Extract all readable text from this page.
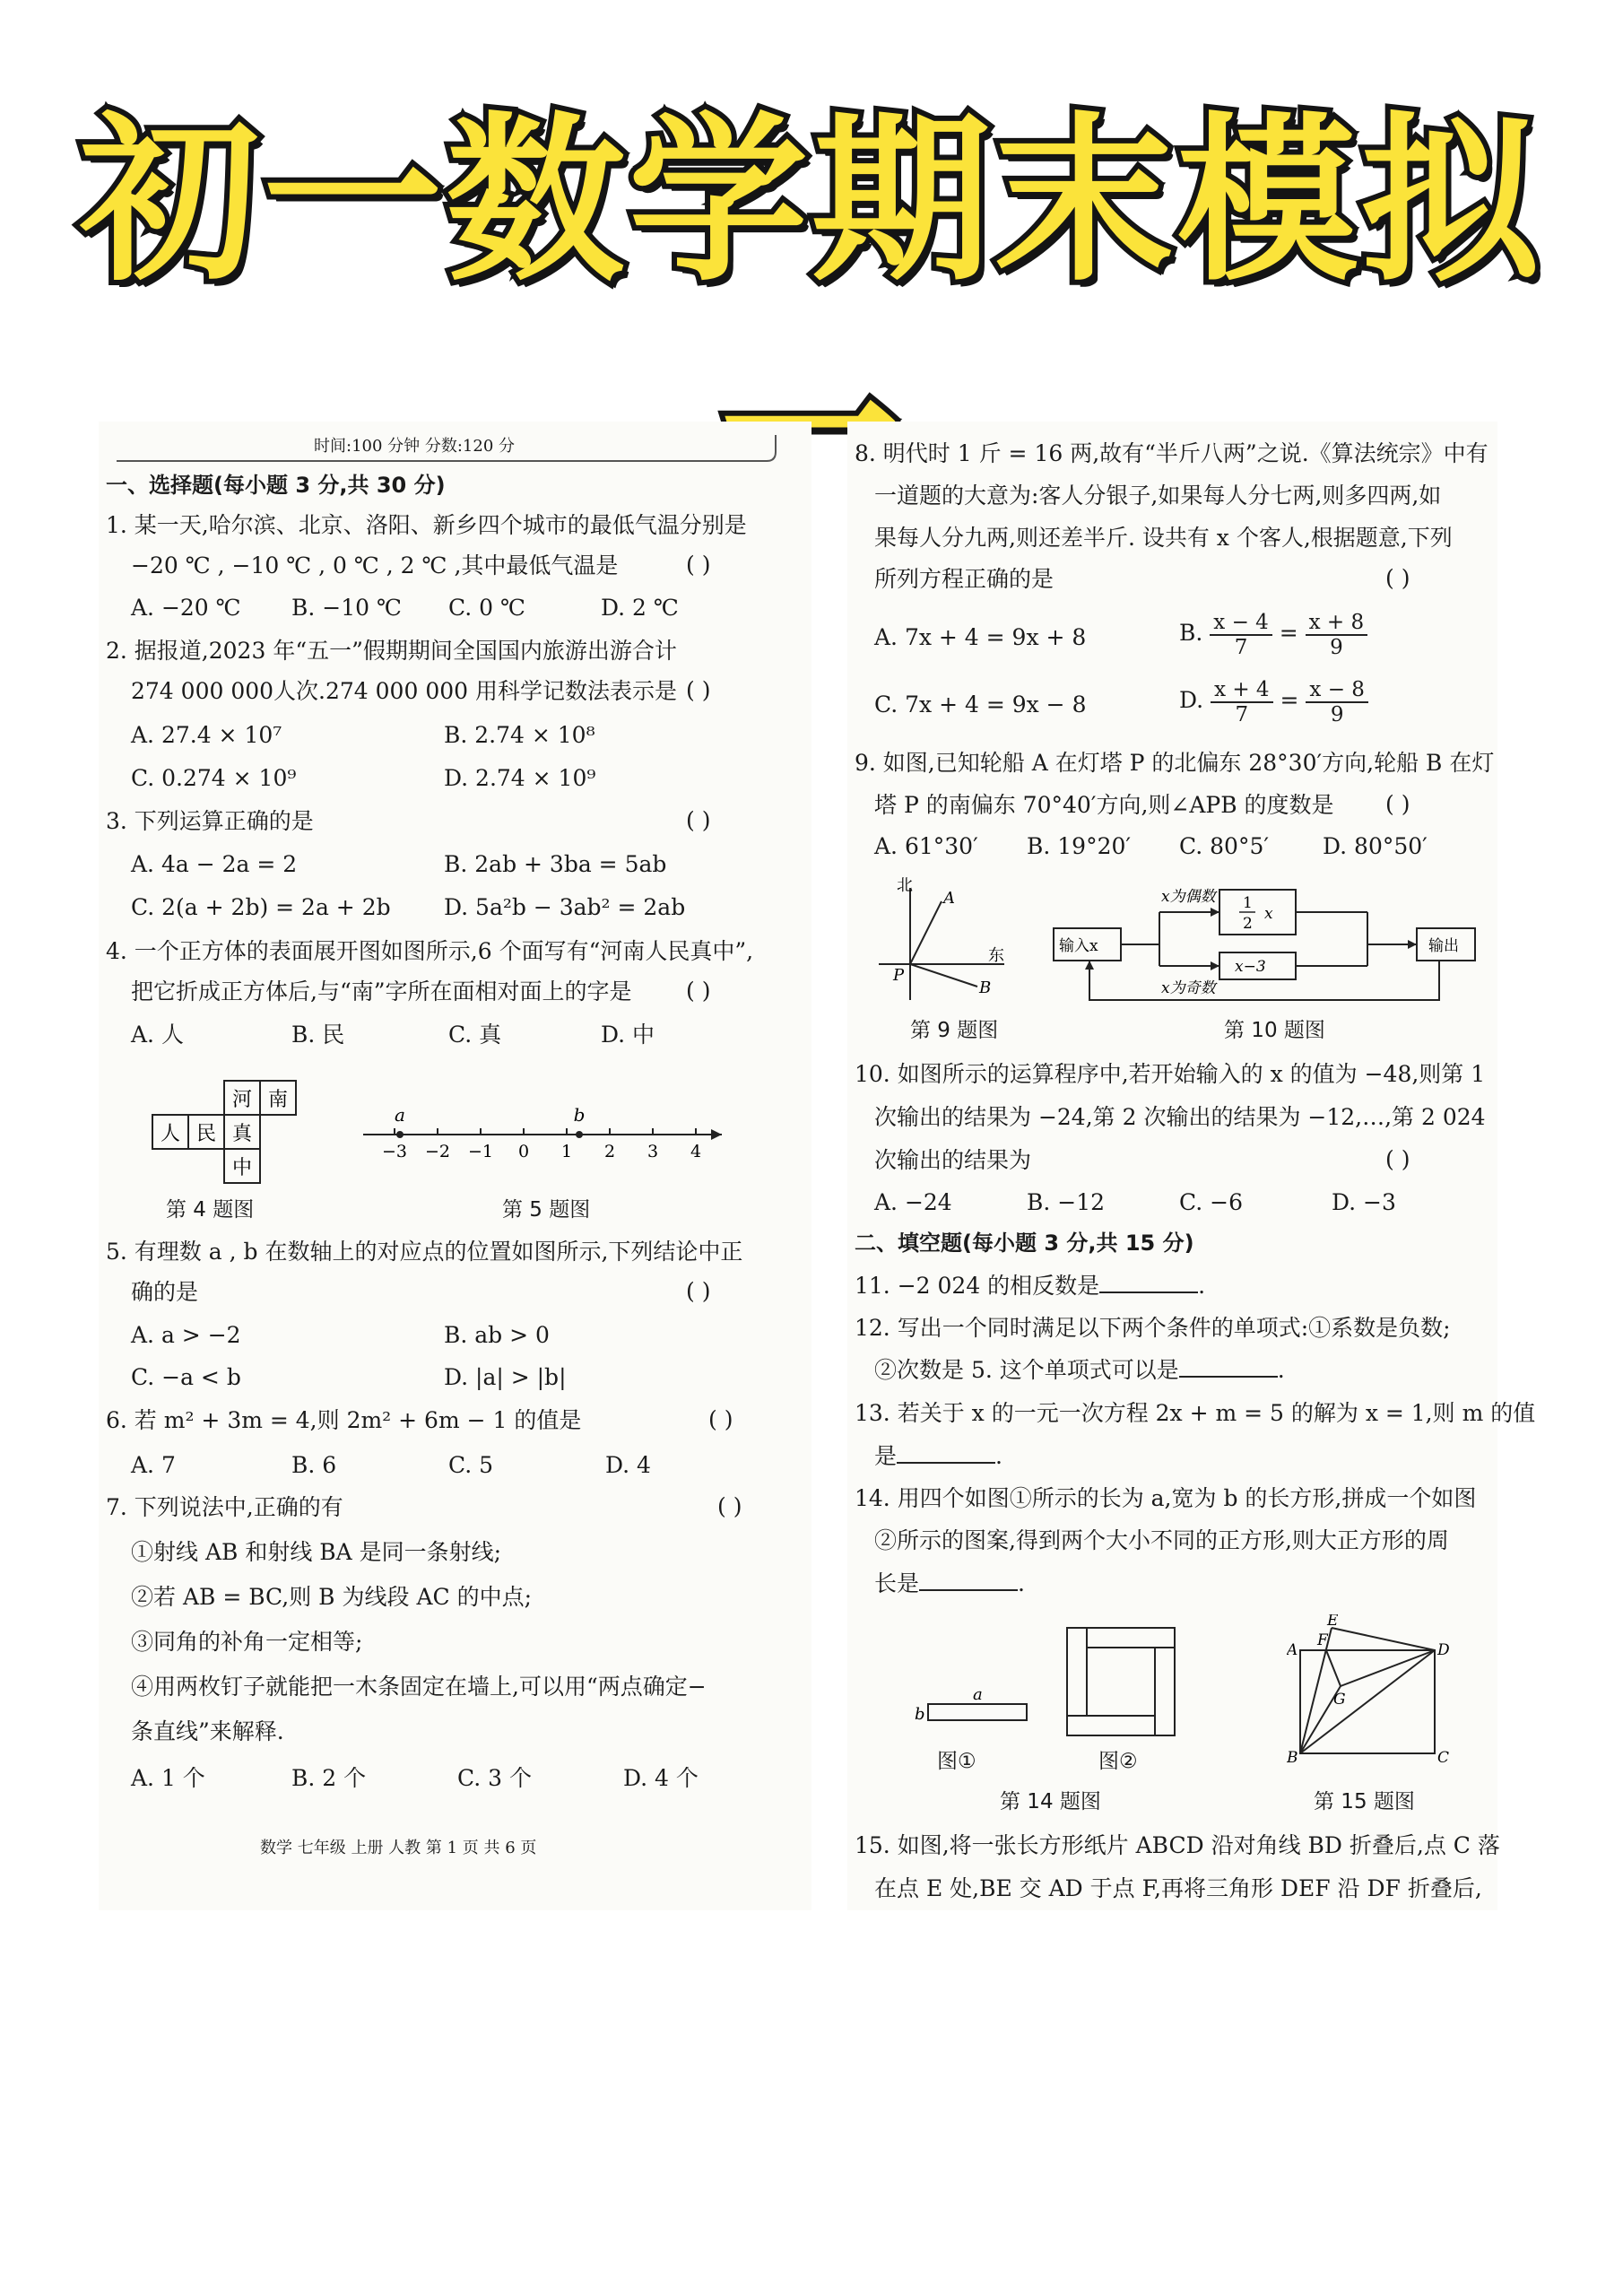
初一数学期末模拟
时间:100 分钟 分数:120 分
一、选择题(每小题 3 分,共 30 分)
1. 某一天,哈尔滨、北京、洛阳、新乡四个城市的最低气温分别是
−20 ℃ , −10 ℃ , 0 ℃ , 2 ℃ ,其中最低气温是	( )
A. −20 ℃ B. −10 ℃ C. 0 ℃	D. 2 ℃
2. 据报道,2023 年“五一”假期期间全国国内旅游出游合计
274 000 000人次.274 000 000 用科学记数法表示是 ( )
A. 27.4 × 10⁷	B. 2.74 × 10⁸
C. 0.274 × 10⁹	D. 2.74 × 10⁹
3. 下列运算正确的是	( )
A. 4a − 2a = 2	B. 2ab + 3ba = 5ab
C. 2(a + 2b) = 2a + 2b D. 5a²b − 3ab² = 2ab
4. 一个正方体的表面展开图如图所示,6 个面写有“河南人民真中”,
把它折成正方体后,与“南”字所在面相对面上的字是 ( )
A. 人	B. 民	C. 真	D. 中
河 南
人 民 真
中
第 4 题图
−3 −2 −1 0 1 2 3 4
a	b
第 5 题图
5. 有理数 a , b 在数轴上的对应点的位置如图所示,下列结论中正
确的是	( )
A. a > −2	B. ab > 0
C. −a < b	D. |a| > |b|
6. 若 m² + 3m = 4,则 2m² + 6m − 1 的值是	( )
A. 7	B. 6	C. 5	D. 4
7. 下列说法中,正确的有	( )
①射线 AB 和射线 BA 是同一条射线;
②若 AB = BC,则 B 为线段 AC 的中点;
③同角的补角一定相等;
④用两枚钉子就能把一木条固定在墙上,可以用“两点确定−
条直线”来解释.
A. 1 个	B. 2 个	C. 3 个	D. 4 个
数学 七年级 上册 人教 第 1 页 共 6 页
8. 明代时 1 斤 = 16 两,故有“半斤八两”之说.《算法统宗》中有
一道题的大意为:客人分银子,如果每人分七两,则多四两,如
果每人分九两,则还差半斤. 设共有 x 个客人,根据题意,下列
所列方程正确的是	( )
A. 7x + 4 = 9x + 8	B. $\frac{x - 4}{7} = \frac{x + 8}{9}$
C. 7x + 4 = 9x − 8	D. $\frac{x + 4}{7} = \frac{x - 8}{9}$
9. 如图,已知轮船 A 在灯塔 P 的北偏东 28°30′方向,轮船 B 在灯
塔 P 的南偏东 70°40′方向,则∠APB 的度数是 ( )
A. 61°30′ B. 19°20′ C. 80°5′ D. 80°50′
北
东
A
B
P
第 9 题图
输入x
x为偶数
x为奇数
1
2
x
x−3
输出
第 10 题图
10. 如图所示的运算程序中,若开始输入的 x 的值为 −48,则第 1
次输出的结果为 −24,第 2 次输出的结果为 −12,…,第 2 024
次输出的结果为	( )
A. −24	B. −12	C. −6	D. −3
二、填空题(每小题 3 分,共 15 分)
11. −2 024 的相反数是	.
12. 写出一个同时满足以下两个条件的单项式:①系数是负数;
②次数是 5. 这个单项式可以是	.
13. 若关于 x 的一元一次方程 2x + m = 5 的解为 x = 1,则 m 的值
是	.
14. 用四个如图①所示的长为 a,宽为 b 的长方形,拼成一个如图
②所示的图案,得到两个大小不同的正方形,则大正方形的周
长是	.
a
b
图①	图②
第 14 题图
A
B	C
D
E
F
G
第 15 题图
15. 如图,将一张长方形纸片 ABCD 沿对角线 BD 折叠后,点 C 落
在点 E 处,BE 交 AD 于点 F,再将三角形 DEF 沿 DF 折叠后,
